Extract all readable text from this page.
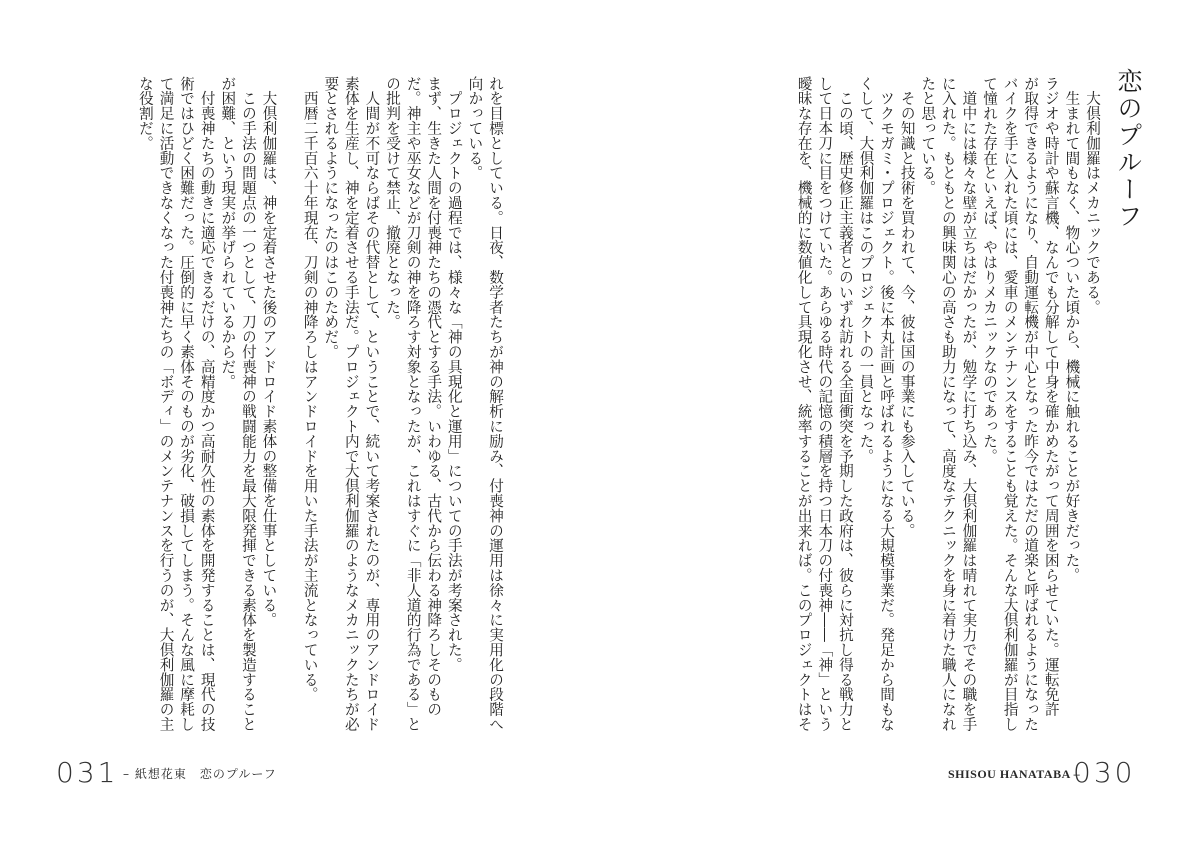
恋のプルーフ

　大倶利伽羅はメカニックである。

　生まれて間もなく、物心ついた頃から、機械に触れることが好きだった。

ラジオや時計や蘇言機、なんでも分解して中身を確かめたがって周囲を困らせていた。運転免許

が取得できるようになり、自動運転機が中心となった昨今ではただの道楽と呼ばれるようになった

バイクを手に入れた頃には、愛車のメンテナンスをすることも覚えた。そんな大倶利伽羅が目指し

て憧れた存在といえば、やはりメカニックなのであった。

　道中には様々な壁が立ちはだかったが、勉学に打ち込み、大倶利伽羅は晴れて実力でその職を手

に入れた。もともとの興味関心の高さも助力になって、高度なテクニックを身に着けた職人になれ

たと思っている。

　その知識と技術を買われて、今、彼は国の事業にも参入している。

　ツクモガミ・プロジェクト。後に本丸計画と呼ばれるようになる大規模事業だ。発足から間もな

くして、大倶利伽羅はこのプロジェクトの一員となった。

　この頃、歴史修正主義者とのいずれ訪れる全面衝突を予期した政府は、彼らに対抗し得る戦力と

して日本刀に目をつけていた。あらゆる時代の記憶の積層を持つ日本刀の付喪神――「神」という

曖昧な存在を、機械的に数値化して具現化させ、統率することが出来れば。このプロジェクトはそ

SHISOU HANATABA –
030

れを目標としている。日夜、数学者たちが神の解析に励み、付喪神の運用は徐々に実用化の段階へ

向かっている。

　プロジェクトの過程では、様々な「神の具現化と運用」についての手法が考案された。

まず、生きた人間を付喪神たちの憑代とする手法。いわゆる、古代から伝わる神降ろしそのもの

だ。神主や巫女などが刀剣の神を降ろす対象となったが、これはすぐに「非人道的行為である」と

の批判を受けて禁止、撤廃となった。

　人間が不可ならばその代替として、ということで、続いて考案されたのが、専用のアンドロイド

素体を生産し、神を定着させる手法だ。プロジェクト内で大倶利伽羅のようなメカニックたちが必

要とされるようになったのはこのためだ。

　西暦二千百六十年現在、刀剣の神降ろしはアンドロイドを用いた手法が主流となっている。

　大倶利伽羅は、神を定着させた後のアンドロイド素体の整備を仕事としている。

　この手法の問題点の一つとして、刀の付喪神の戦闘能力を最大限発揮できる素体を製造すること

が困難、という現実が挙げられているからだ。

　付喪神たちの動きに適応できるだけの、高精度かつ高耐久性の素体を開発することは、現代の技

術ではひどく困難だった。圧倒的に早く素体そのものが劣化、破損してしまう。そんな風に摩耗し

て満足に活動できなくなった付喪神たちの「ボディ」のメンテナンスを行うのが、大倶利伽羅の主

な役割だ。

031 – 紙想花東　恋のプルーフ
